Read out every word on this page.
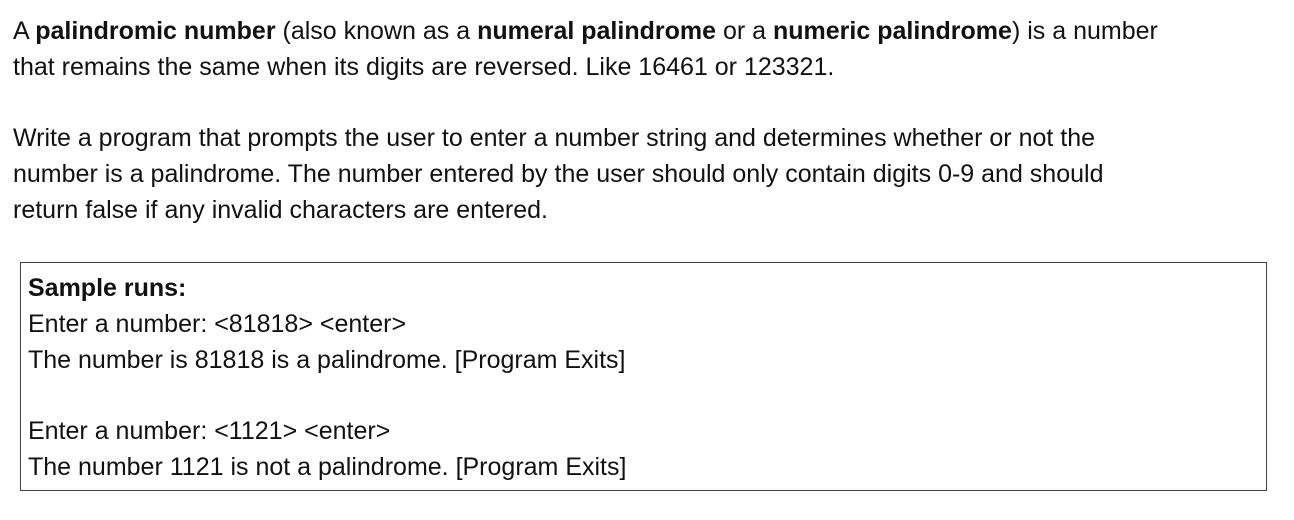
A palindromic number (also known as a numeral palindrome or a numeric palindrome) is a number
that remains the same when its digits are reversed. Like 16461 or 123321.

Write a program that prompts the user to enter a number string and determines whether or not the
number is a palindrome. The number entered by the user should only contain digits 0-9 and should
return false if any invalid characters are entered.

Sample runs:
Enter a number: <81818> <enter>
The number is 81818 is a palindrome. [Program Exits]
Enter a number: <1121> <enter>
The number 1121 is not a palindrome. [Program Exits]
